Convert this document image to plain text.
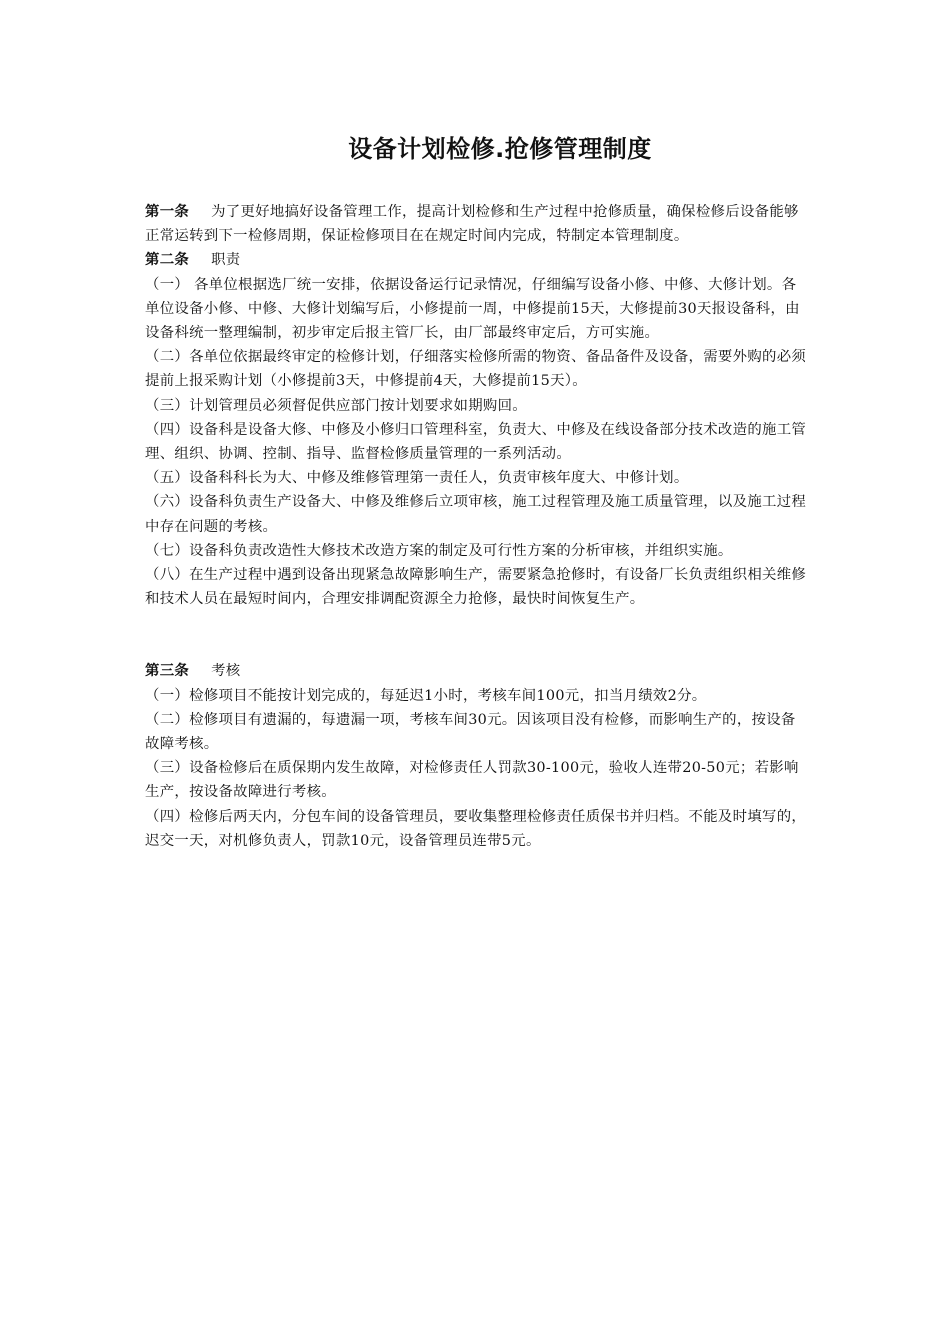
设备计划检修.抢修管理制度

第一条 为了更好地搞好设备管理工作，提高计划检修和生产过程中抢修质量，确保检修后设备能够正常运转到下一检修周期，保证检修项目在在规定时间内完成，特制定本管理制度。

第二条 职责

（一） 各单位根据选厂统一安排，依据设备运行记录情况，仔细编写设备小修、中修、大修计划。各单位设备小修、中修、大修计划编写后，小修提前一周，中修提前15天，大修提前30天报设备科，由设备科统一整理编制，初步审定后报主管厂长，由厂部最终审定后，方可实施。

（二）各单位依据最终审定的检修计划，仔细落实检修所需的物资、备品备件及设备，需要外购的必须提前上报采购计划（小修提前3天，中修提前4天，大修提前15天）。

（三）计划管理员必须督促供应部门按计划要求如期购回。

（四）设备科是设备大修、中修及小修归口管理科室，负责大、中修及在线设备部分技术改造的施工管理、组织、协调、控制、指导、监督检修质量管理的一系列活动。

（五）设备科科长为大、中修及维修管理第一责任人，负责审核年度大、中修计划。

（六）设备科负责生产设备大、中修及维修后立项审核，施工过程管理及施工质量管理，以及施工过程中存在问题的考核。

（七）设备科负责改造性大修技术改造方案的制定及可行性方案的分析审核，并组织实施。

（八）在生产过程中遇到设备出现紧急故障影响生产，需要紧急抢修时，有设备厂长负责组织相关维修和技术人员在最短时间内，合理安排调配资源全力抢修，最快时间恢复生产。

第三条 考核

（一）检修项目不能按计划完成的，每延迟1小时，考核车间100元，扣当月绩效2分。

（二）检修项目有遗漏的，每遗漏一项，考核车间30元。因该项目没有检修，而影响生产的，按设备故障考核。

（三）设备检修后在质保期内发生故障，对检修责任人罚款30-100元，验收人连带20-50元；若影响生产，按设备故障进行考核。

（四）检修后两天内，分包车间的设备管理员，要收集整理检修责任质保书并归档。不能及时填写的，迟交一天，对机修负责人，罚款10元，设备管理员连带5元。
